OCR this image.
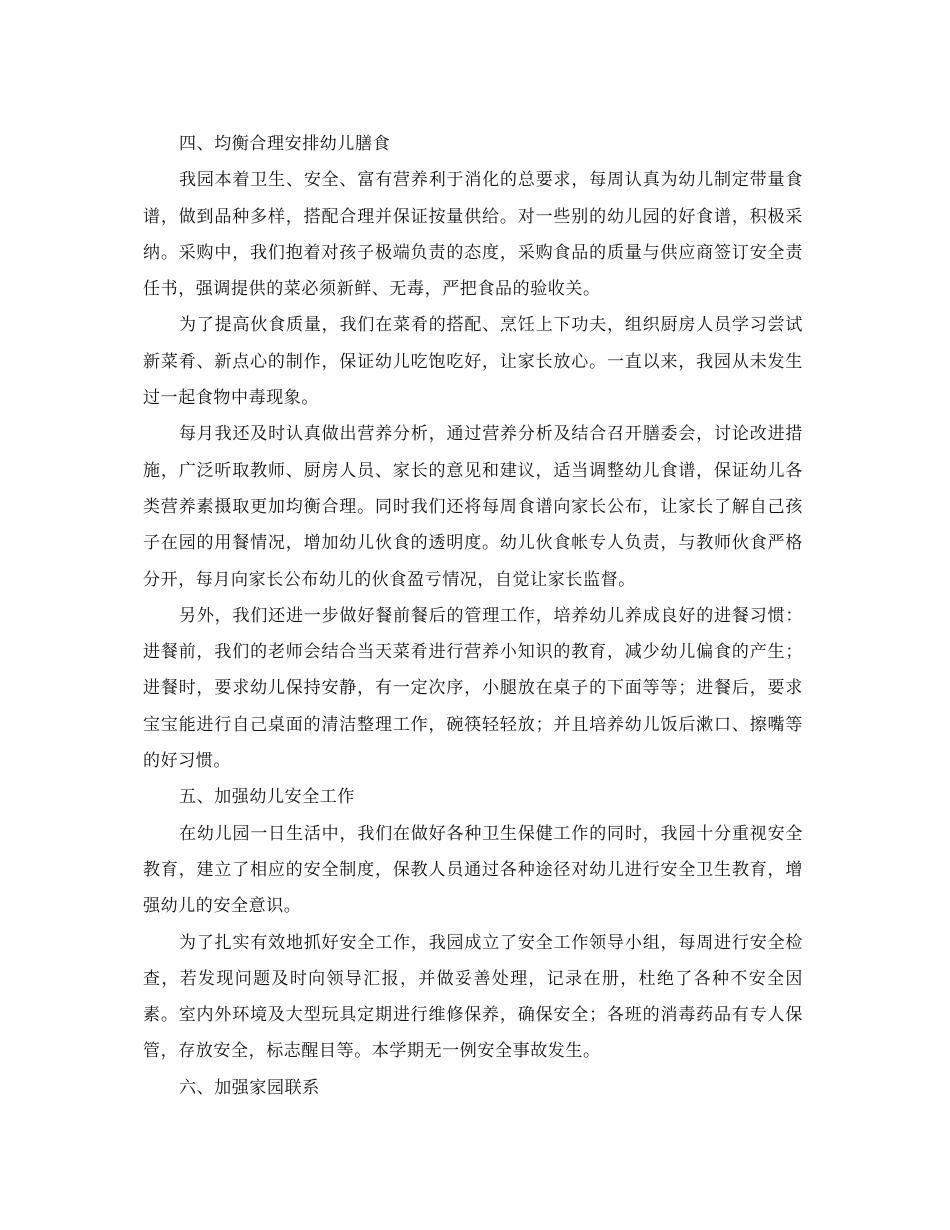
四、均衡合理安排幼儿膳食

我园本着卫生、安全、富有营养利于消化的总要求，每周认真为幼儿制定带量食谱，做到品种多样，搭配合理并保证按量供给。对一些别的幼儿园的好食谱，积极采纳。采购中，我们抱着对孩子极端负责的态度，采购食品的质量与供应商签订安全责任书，强调提供的菜必须新鲜、无毒，严把食品的验收关。

为了提高伙食质量，我们在菜肴的搭配、烹饪上下功夫，组织厨房人员学习尝试新菜肴、新点心的制作，保证幼儿吃饱吃好，让家长放心。一直以来，我园从未发生过一起食物中毒现象。

每月我还及时认真做出营养分析，通过营养分析及结合召开膳委会，讨论改进措施，广泛听取教师、厨房人员、家长的意见和建议，适当调整幼儿食谱，保证幼儿各类营养素摄取更加均衡合理。同时我们还将每周食谱向家长公布，让家长了解自己孩子在园的用餐情况，增加幼儿伙食的透明度。幼儿伙食帐专人负责，与教师伙食严格分开，每月向家长公布幼儿的伙食盈亏情况，自觉让家长监督。

另外，我们还进一步做好餐前餐后的管理工作，培养幼儿养成良好的进餐习惯：进餐前，我们的老师会结合当天菜肴进行营养小知识的教育，减少幼儿偏食的产生；进餐时，要求幼儿保持安静，有一定次序，小腿放在桌子的下面等等；进餐后，要求宝宝能进行自己桌面的清洁整理工作，碗筷轻轻放；并且培养幼儿饭后漱口、擦嘴等的好习惯。

五、加强幼儿安全工作

在幼儿园一日生活中，我们在做好各种卫生保健工作的同时，我园十分重视安全教育，建立了相应的安全制度，保教人员通过各种途径对幼儿进行安全卫生教育，增强幼儿的安全意识。

为了扎实有效地抓好安全工作，我园成立了安全工作领导小组，每周进行安全检查，若发现问题及时向领导汇报，并做妥善处理，记录在册，杜绝了各种不安全因素。室内外环境及大型玩具定期进行维修保养，确保安全；各班的消毒药品有专人保管，存放安全，标志醒目等。本学期无一例安全事故发生。

六、加强家园联系
